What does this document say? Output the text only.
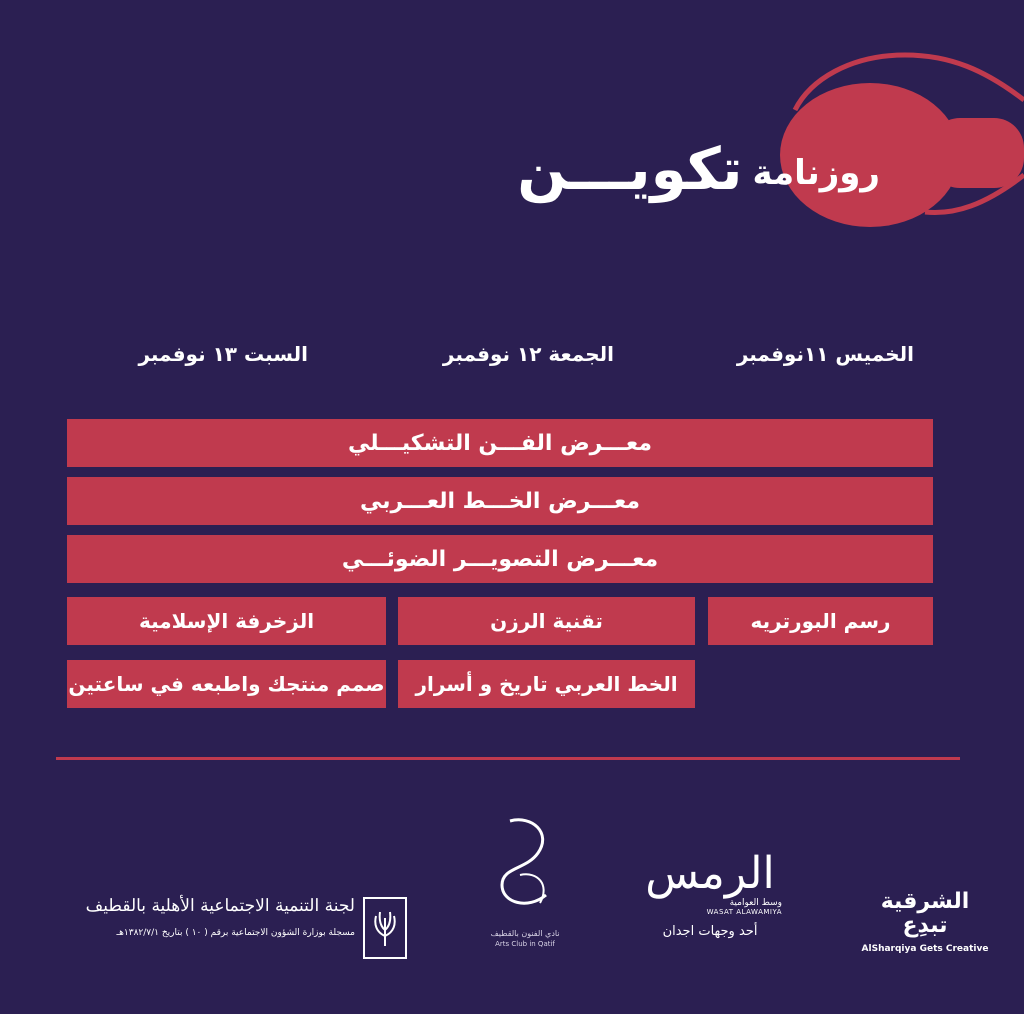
روزنامة
تكويـــن
الخميس ١١نوفمبر
الجمعة ١٢ نوفمبر
السبت ١٣ نوفمبر
معـــرض الفـــن التشكيـــلي
معـــرض الخـــط العـــربي
معـــرض التصويـــر الضوئـــي
رسم البورتريه
تقنية الرزن
الزخرفة الإسلامية
الخط العربي تاريخ و أسرار
صمم منتجك واطبعه في ساعتين
الشرقية تبدِع
AlSharqiya Gets Creative
الرمس
وسط العوامية
WASAT ALAWAMIYA
أحد وجهات اجدان
نادي الفنون بالقطيف
Arts Club in Qatif
لجنة التنمية الاجتماعية الأهلية بالقطيف
مسجلة بوزارة الشؤون الاجتماعية برقم ( ١٠ ) بتاريخ ١٣٨٢/٧/١هـ
